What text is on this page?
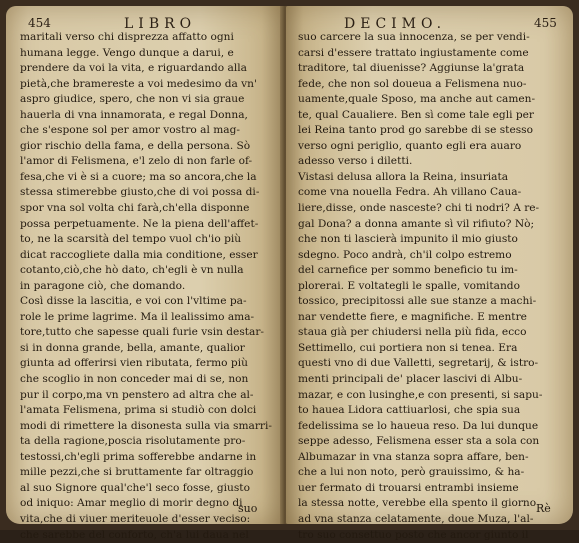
454	LIBRO
maritali verso chi disprezza affatto ogni
humana legge. Vengo dunque a darui, e
prendere da voi la vita, e riguardando alla
pietà,che bramereste a voi medesimo da vn'
aspro giudice, spero, che non vi sia graue
hauerla di vna innamorata, e regal Donna,
che s'espone sol per amor vostro al mag-
gior rischio della fama, e della persona. Sò
l'amor di Felismena, e'l zelo di non farle of-
fesa,che vi è si a cuore; ma so ancora,che la
stessa stimerebbe giusto,che di voi possa di-
spor vna sol volta chi farà,ch'ella disponne
possa perpetuamente. Ne la piena dell'affet-
to, ne la scarsità del tempo vuol ch'io più
dicat raccogliete dalla mia conditione, esser
cotanto,ciò,che hò dato, ch'egli è vn nulla
in paragone ciò, che domando.
Così disse la lascitia, e voi con l'vltime pa-
role le prime lagrime. Ma il lealissimo ama-
tore,tutto che sapesse quali furie vsin destar-
si in donna grande, bella, amante, qualior
giunta ad offerirsi vien ributata, fermo più
che scoglio in non conceder mai di se, non
pur il corpo,ma vn penstero ad altra che al-
l'amata Felismena, prima si studiò con dolci
modi di rimettere la disonesta sulla via smarri-
ta della ragione,poscia risolutamente pro-
testossi,ch'egli prima sofferebbe andarne in
mille pezzi,che si bruttamente far oltraggio
al suo Signore qual'che'l seco fosse, giusto
od iniquo: Amar meglio di morir degno di
vita,che di viuer meriteuole d'esser veciso:
che sarebbe del conforto, ch'a lui daua nel
suo
DECIMO.	455
suo carcere la sua innocenza, se per vendi-
carsi d'essere trattato ingiustamente come
traditore, tal diuenisse? Aggiunse la'grata
fede, che non sol doueua a Felismena nuo-
uamente,quale Sposo, ma anche aut camen-
te, qual Caualiere. Ben sì come tale egli per
lei Reina tanto prod go sarebbe di se stesso
verso ogni periglio, quanto egli era auaro
adesso verso i diletti.
Vistasi delusa allora la Reina, insuriata
come vna nouella Fedra. Ah villano Caua-
liere,disse, onde nasceste? chi ti nodri? A re-
gal Dona? a donna amante sì vil rifiuto? Nò;
che non ti lascierà impunito il mio giusto
sdegno. Poco andrà, ch'il colpo estremo
del carnefice per sommo beneficio tu im-
plorerai. E voltategli le spalle, vomitando
tossico, precipitossi alle sue stanze a machi-
nar vendette fiere, e magnifiche. E mentre
staua già per chiudersi nella più fida, ecco
Settimello, cui portiera non si tenea. Era
questi vno di due Valletti, segretarij, & istro-
menti principali de' placer lascivi di Albu-
mazar, e con lusinghe,e con presenti, si sapu-
to hauea Lidora cattiuarlosi, che spia sua
fedelissima se lo haueua reso. Da lui dunque
seppe adesso, Felismena esser sta a sola con
Albumazar in vna stanza sopra affare, ben-
che a lui non noto, però grauissimo, & ha-
uer fermato di trouarsi entrambi insieme
la stessa notte, verebbe ella spento il giorno
ad vna stanza celatamente, doue Muza, l'al-
tro suo consettuo posto che ancor giunto il
Rè
